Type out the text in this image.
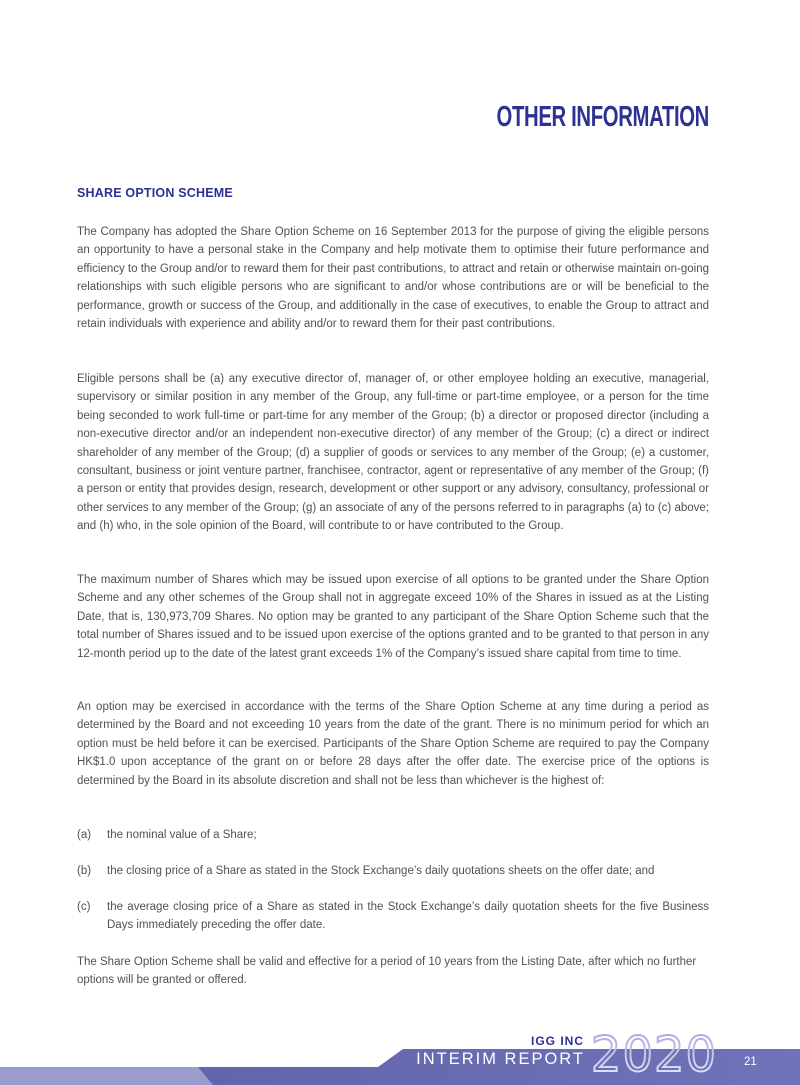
OTHER INFORMATION
SHARE OPTION SCHEME

The Company has adopted the Share Option Scheme on 16 September 2013 for the purpose of giving the eligible persons an opportunity to have a personal stake in the Company and help motivate them to optimise their future performance and efficiency to the Group and/or to reward them for their past contributions, to attract and retain or otherwise maintain on-going relationships with such eligible persons who are significant to and/or whose contributions are or will be beneficial to the performance, growth or success of the Group, and additionally in the case of executives, to enable the Group to attract and retain individuals with experience and ability and/or to reward them for their past contributions.

Eligible persons shall be (a) any executive director of, manager of, or other employee holding an executive, managerial, supervisory or similar position in any member of the Group, any full-time or part-time employee, or a person for the time being seconded to work full-time or part-time for any member of the Group; (b) a director or proposed director (including a non-executive director and/or an independent non-executive director) of any member of the Group; (c) a direct or indirect shareholder of any member of the Group; (d) a supplier of goods or services to any member of the Group; (e) a customer, consultant, business or joint venture partner, franchisee, contractor, agent or representative of any member of the Group; (f) a person or entity that provides design, research, development or other support or any advisory, consultancy, professional or other services to any member of the Group; (g) an associate of any of the persons referred to in paragraphs (a) to (c) above; and (h) who, in the sole opinion of the Board, will contribute to or have contributed to the Group.

The maximum number of Shares which may be issued upon exercise of all options to be granted under the Share Option Scheme and any other schemes of the Group shall not in aggregate exceed 10% of the Shares in issued as at the Listing Date, that is, 130,973,709 Shares. No option may be granted to any participant of the Share Option Scheme such that the total number of Shares issued and to be issued upon exercise of the options granted and to be granted to that person in any 12-month period up to the date of the latest grant exceeds 1% of the Company’s issued share capital from time to time.

An option may be exercised in accordance with the terms of the Share Option Scheme at any time during a period as determined by the Board and not exceeding 10 years from the date of the grant. There is no minimum period for which an option must be held before it can be exercised. Participants of the Share Option Scheme are required to pay the Company HK$1.0 upon acceptance of the grant on or before 28 days after the offer date. The exercise price of the options is determined by the Board in its absolute discretion and shall not be less than whichever is the highest of:

(a)	the nominal value of a Share;
(b)	the closing price of a Share as stated in the Stock Exchange’s daily quotations sheets on the offer date; and
(c)	the average closing price of a Share as stated in the Stock Exchange’s daily quotation sheets for the five Business Days immediately preceding the offer date.

The Share Option Scheme shall be valid and effective for a period of 10 years from the Listing Date, after which no further options will be granted or offered.

2020
IGG INC
INTERIM REPORT	21
